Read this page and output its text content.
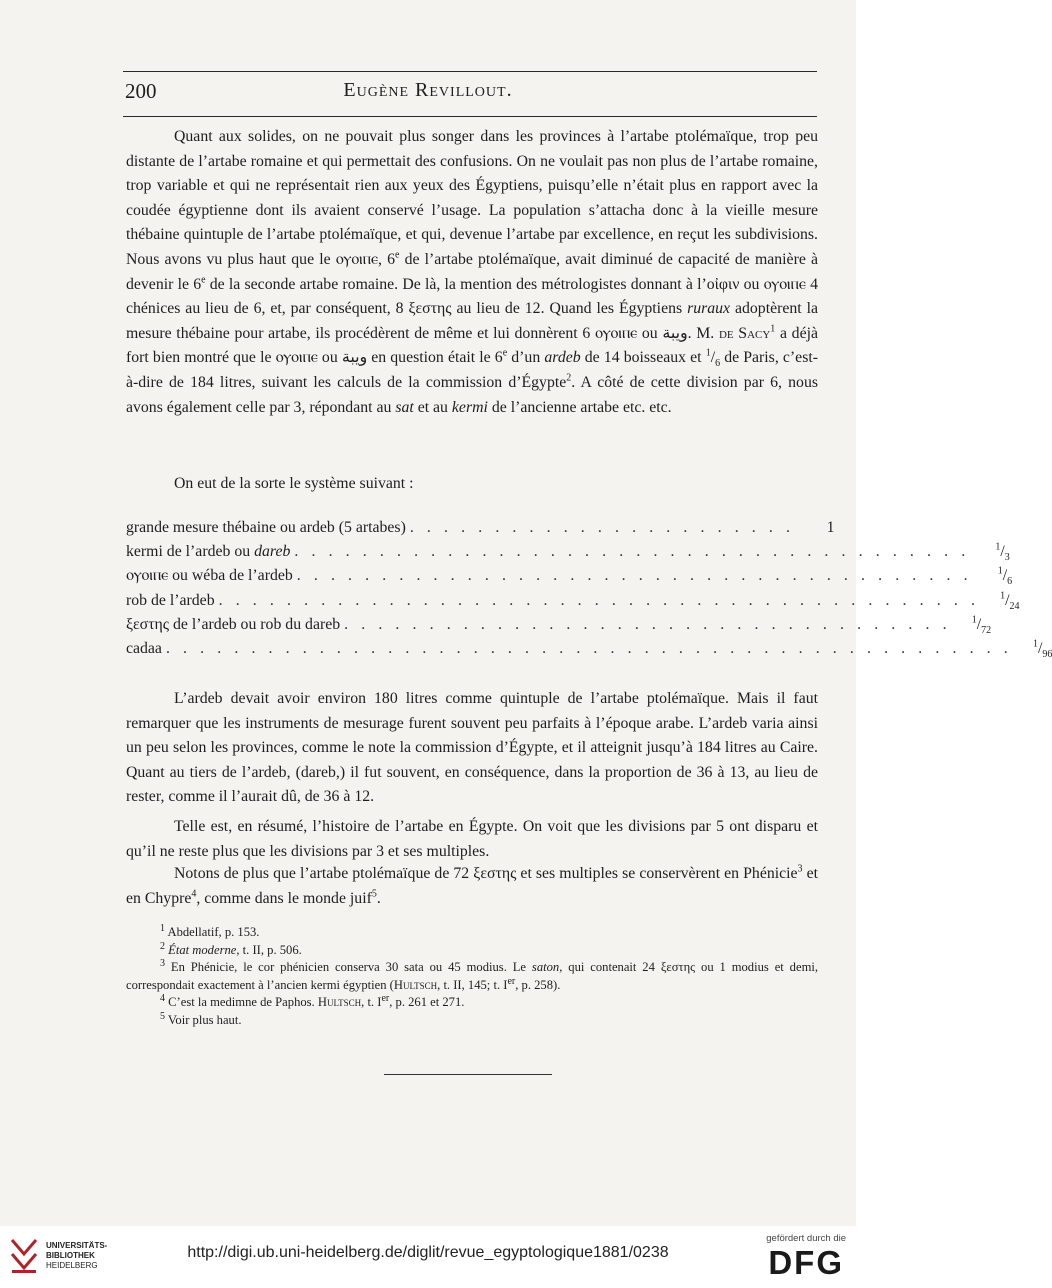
200	Eugène Revillout.
Quant aux solides, on ne pouvait plus songer dans les provinces à l’artabe ptolémaïque, trop peu distante de l’artabe romaine et qui permettait des confusions. On ne voulait pas non plus de l’artabe romaine, trop variable et qui ne représentait rien aux yeux des Égyptiens, puisqu’elle n’était plus en rapport avec la coudée égyptienne dont ils avaient conservé l’usage. La population s’attacha donc à la vieille mesure thébaine quintuple de l’artabe ptolémaïque, et qui, devenue l’artabe par excellence, en reçut les subdivisions. Nous avons vu plus haut que le ⲟⲩⲟⲓⲡⲉ, 6e de l’artabe ptolémaïque, avait diminué de capacité de manière à devenir le 6e de la seconde artabe romaine. De là, la mention des métrologistes donnant à l’οἰφιν ou ⲟⲩⲟⲓⲡⲉ 4 chénices au lieu de 6, et, par conséquent, 8 ξεστης au lieu de 12. Quand les Égyptiens ruraux adoptèrent la mesure thébaine pour artabe, ils procédèrent de même et lui donnèrent 6 ⲟⲩⲟⲓⲡⲉ ou ويبة. M. de Sacy$^1$ a déjà fort bien montré que le ⲟⲩⲟⲓⲡⲉ ou ويبة en question était le 6e d’un ardeb de 14 boisseaux et $^1/_6$ de Paris, c’est-à-dire de 184 litres, suivant les calculs de la commission d’Égypte$^2$. A côté de cette division par 6, nous avons également celle par 3, répondant au sat et au kermi de l’ancienne artabe etc. etc.
On eut de la sorte le système suivant :
grande mesure thébaine ou ardeb (5 artabes) . . . . . . . . . . . . . . . . . . . . . . .	1
kermi de l’ardeb ou dareb . . . . . . . . . . . . . . . . . . . . . . . . . . . . . . . . . . . . . . . .	$^1/_3$
ⲟⲩⲟⲓⲡⲉ ou wéba de l’ardeb . . . . . . . . . . . . . . . . . . . . . . . . . . . . . . . . . . . . . . . .	$^1/_6$
rob de l’ardeb . . . . . . . . . . . . . . . . . . . . . . . . . . . . . . . . . . . . . . . . . . . . .	$^1/_{24}$
ξεστης de l’ardeb ou rob du dareb . . . . . . . . . . . . . . . . . . . . . . . . . . . . . . . . . . . .	$^1/_{72}$
cadaa . . . . . . . . . . . . . . . . . . . . . . . . . . . . . . . . . . . . . . . . . . . . . . . . . .	$^1/_{96}$
L’ardeb devait avoir environ 180 litres comme quintuple de l’artabe ptolémaïque. Mais il faut remarquer que les instruments de mesurage furent souvent peu parfaits à l’époque arabe. L’ardeb varia ainsi un peu selon les provinces, comme le note la commission d’Égypte, et il atteignit jusqu’à 184 litres au Caire. Quant au tiers de l’ardeb, (dareb,) il fut souvent, en conséquence, dans la proportion de 36 à 13, au lieu de rester, comme il l’aurait dû, de 36 à 12.
Telle est, en résumé, l’histoire de l’artabe en Égypte. On voit que les divisions par 5 ont disparu et qu’il ne reste plus que les divisions par 3 et ses multiples.
Notons de plus que l’artabe ptolémaïque de 72 ξεστης et ses multiples se conservèrent en Phénicie$^3$ et en Chypre$^4$, comme dans le monde juif$^5$.
$^1$ Abdellatif, p. 153.
$^2$ État moderne, t. II, p. 506.
$^3$ En Phénicie, le cor phénicien conserva 30 sata ou 45 modius. Le saton, qui contenait 24 ξεστης ou 1 modius et demi, correspondait exactement à l’ancien kermi égyptien (Hultsch, t. II, 145; t. Ier, p. 258).
$^4$ C’est la medimne de Paphos. Hultsch, t. Ier, p. 261 et 271.
$^5$ Voir plus haut.
UNIVERSITÄTS-
BIBLIOTHEK
HEIDELBERG
http://digi.ub.uni-heidelberg.de/diglit/revue_egyptologique1881/0238
gefördert durch die
DFG
